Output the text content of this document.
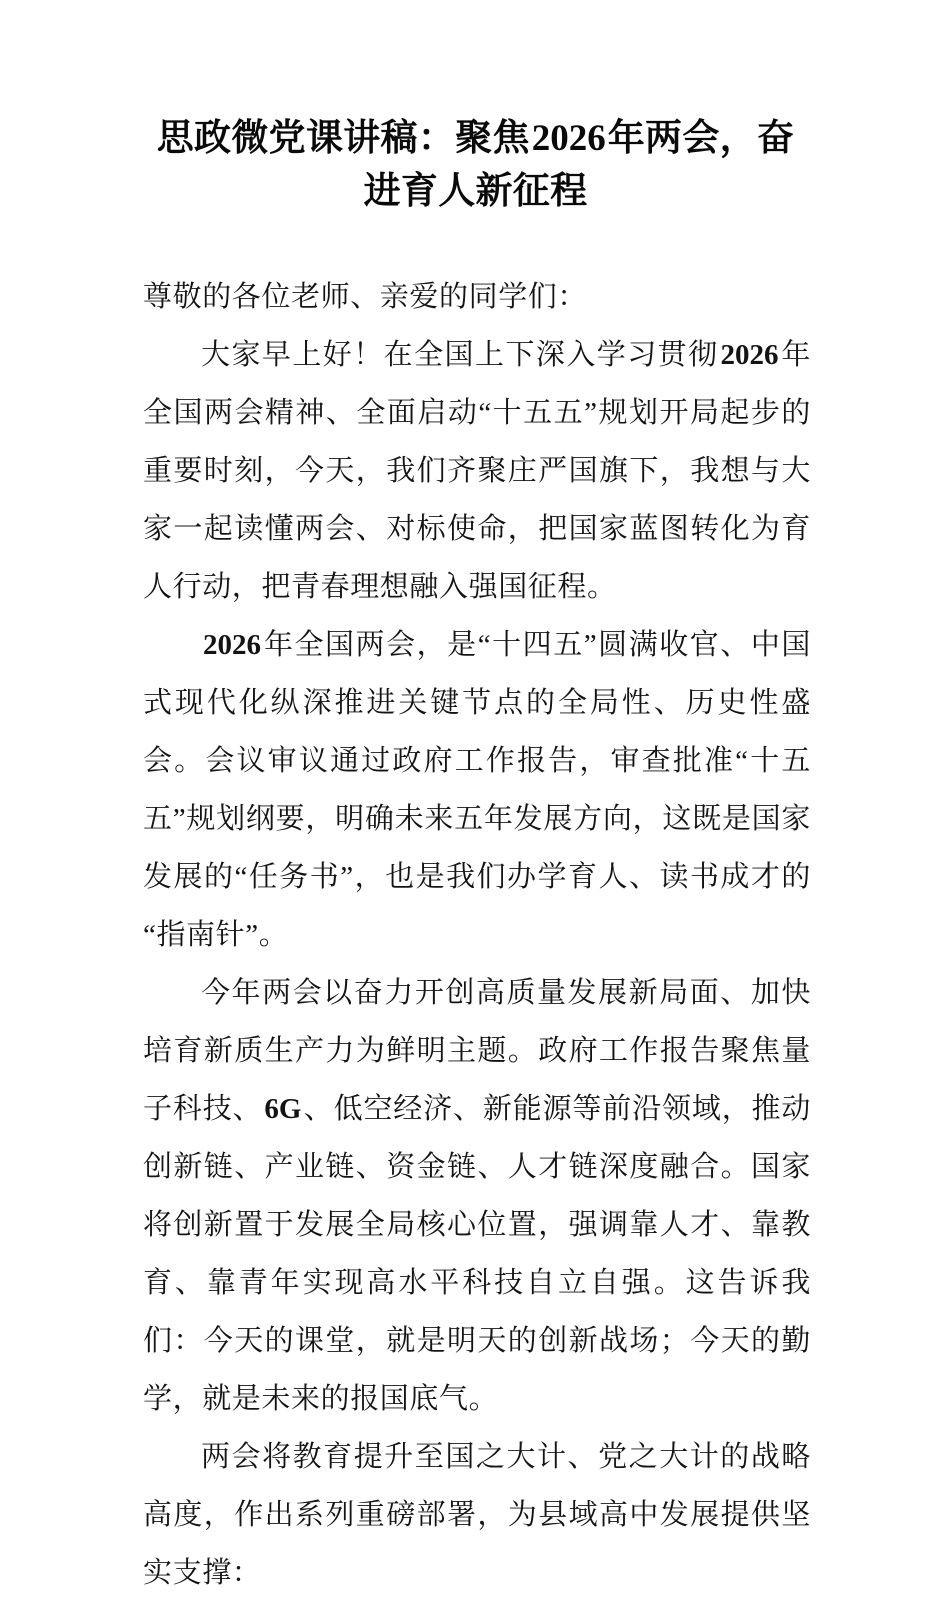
思政微党课讲稿：聚焦2026年两会，奋进育人新征程

尊敬的各位老师、亲爱的同学们：

大家早上好！在全国上下深入学习贯彻2026年全国两会精神、全面启动“十五五”规划开局起步的重要时刻，今天，我们齐聚庄严国旗下，我想与大家一起读懂两会、对标使命，把国家蓝图转化为育人行动，把青春理想融入强国征程。

2026年全国两会，是“十四五”圆满收官、中国式现代化纵深推进关键节点的全局性、历史性盛会。会议审议通过政府工作报告，审查批准“十五五”规划纲要，明确未来五年发展方向，这既是国家发展的“任务书”，也是我们办学育人、读书成才的“指南针”。

今年两会以奋力开创高质量发展新局面、加快培育新质生产力为鲜明主题。政府工作报告聚焦量子科技、6G、低空经济、新能源等前沿领域，推动创新链、产业链、资金链、人才链深度融合。国家将创新置于发展全局核心位置，强调靠人才、靠教育、靠青年实现高水平科技自立自强。这告诉我们：今天的课堂，就是明天的创新战场；今天的勤学，就是未来的报国底气。

两会将教育提升至国之大计、党之大计的战略高度，作出系列重磅部署，为县域高中发展提供坚实支撑：
